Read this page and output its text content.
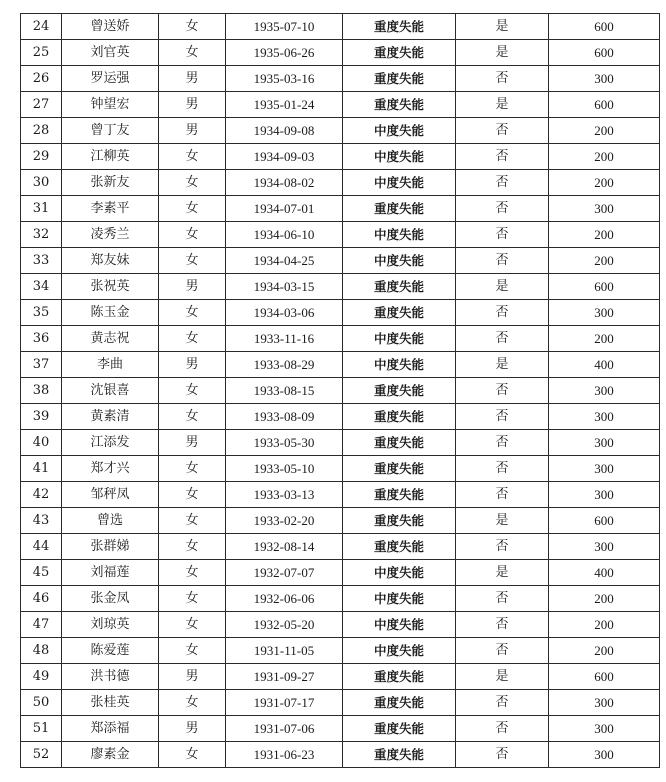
24	曾送娇	女	1935-07-10	重度失能	是	600
25	刘官英	女	1935-06-26	重度失能	是	600
26	罗运强	男	1935-03-16	重度失能	否	300
27	钟望宏	男	1935-01-24	重度失能	是	600
28	曾丁友	男	1934-09-08	中度失能	否	200
29	江柳英	女	1934-09-03	中度失能	否	200
30	张新友	女	1934-08-02	中度失能	否	200
31	李素平	女	1934-07-01	重度失能	否	300
32	凌秀兰	女	1934-06-10	中度失能	否	200
33	郑友妹	女	1934-04-25	中度失能	否	200
34	张祝英	男	1934-03-15	重度失能	是	600
35	陈玉金	女	1934-03-06	重度失能	否	300
36	黄志祝	女	1933-11-16	中度失能	否	200
37	李曲	男	1933-08-29	中度失能	是	400
38	沈银喜	女	1933-08-15	重度失能	否	300
39	黄素清	女	1933-08-09	重度失能	否	300
40	江添发	男	1933-05-30	重度失能	否	300
41	郑才兴	女	1933-05-10	重度失能	否	300
42	邹秤凤	女	1933-03-13	重度失能	否	300
43	曾选	女	1933-02-20	重度失能	是	600
44	张群娣	女	1932-08-14	重度失能	否	300
45	刘福莲	女	1932-07-07	中度失能	是	400
46	张金凤	女	1932-06-06	中度失能	否	200
47	刘琼英	女	1932-05-20	中度失能	否	200
48	陈爱莲	女	1931-11-05	中度失能	否	200
49	洪书德	男	1931-09-27	重度失能	是	600
50	张桂英	女	1931-07-17	重度失能	否	300
51	郑添福	男	1931-07-06	重度失能	否	300
52	廖素金	女	1931-06-23	重度失能	否	300
